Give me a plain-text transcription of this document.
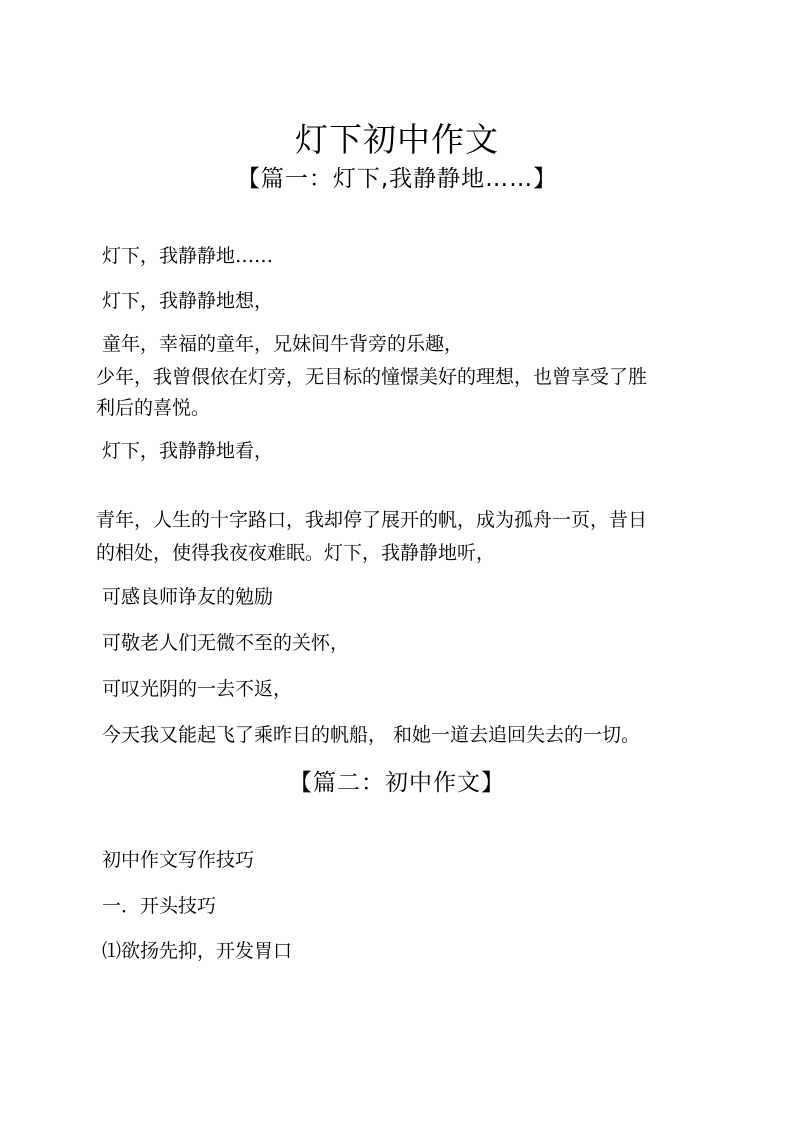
灯下初中作文
【篇一：灯下,我静静地……】
灯下，我静静地……
灯下，我静静地想，
童年，幸福的童年，兄妹间牛背旁的乐趣，
少年，我曾偎依在灯旁，无目标的憧憬美好的理想，也曾享受了胜
利后的喜悦。
灯下，我静静地看，
青年，人生的十字路口，我却停了展开的帆，成为孤舟一页，昔日
的相处，使得我夜夜难眠。灯下，我静静地听，
可感良师诤友的勉励
可敬老人们无微不至的关怀，
可叹光阴的一去不返，
今天我又能起飞了乘昨日的帆船， 和她一道去追回失去的一切。
【篇二：初中作文】
初中作文写作技巧
一．开头技巧
⑴欲扬先抑，开发胃口
